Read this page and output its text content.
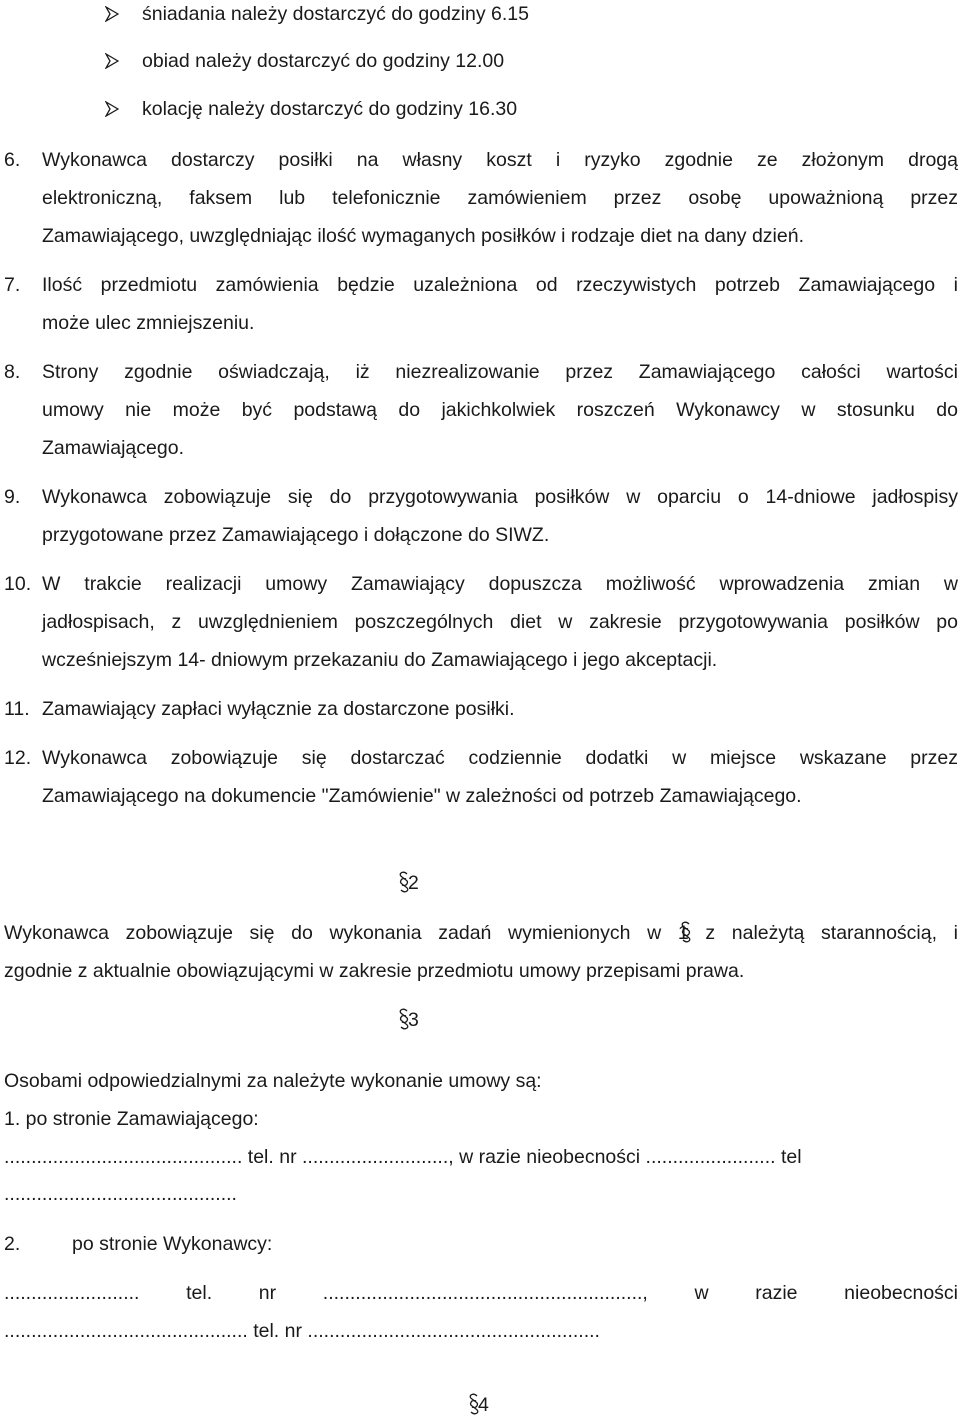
śniadania należy dostarczyć do godziny 6.15
obiad należy dostarczyć do godziny 12.00
kolację należy dostarczyć do godziny 16.30
6. Wykonawca dostarczy posiłki na własny koszt i ryzyko zgodnie ze złożonym drogą
elektroniczną, faksem lub telefonicznie zamówieniem przez osobę upoważnioną przez
Zamawiającego, uwzględniając ilość wymaganych posiłków i rodzaje diet na dany dzień.
7. Ilość przedmiotu zamówienia będzie uzależniona od rzeczywistych potrzeb Zamawiającego i
może ulec zmniejszeniu.
8. Strony zgodnie oświadczają, iż niezrealizowanie przez Zamawiającego całości wartości
umowy nie może być podstawą do jakichkolwiek roszczeń Wykonawcy w stosunku do
Zamawiającego.
9. Wykonawca zobowiązuje się do przygotowywania posiłków w oparciu o 14-dniowe jadłospisy
przygotowane przez Zamawiającego i dołączone do SIWZ.
10. W trakcie realizacji umowy Zamawiający dopuszcza możliwość wprowadzenia zmian w
jadłospisach, z uwzględnieniem poszczególnych diet w zakresie przygotowywania posiłków po
wcześniejszym 14- dniowym przekazaniu do Zamawiającego i jego akceptacji.
11. Zamawiający zapłaci wyłącznie za dostarczone posiłki.
12. Wykonawca zobowiązuje się dostarczać codziennie dodatki w miejsce wskazane przez
Zamawiającego na dokumencie "Zamówienie" w zależności od potrzeb Zamawiającego.
2
Wykonawca zobowiązuje się do wykonania zadań wymienionych w 1 z należytą starannością, i
zgodnie z aktualnie obowiązującymi w zakresie przedmiotu umowy przepisami prawa.
3
Osobami odpowiedzialnymi za należyte wykonanie umowy są:
1. po stronie Zamawiającego:
............................................ tel. nr ..........................., w razie nieobecności ........................ tel
...........................................
2.	po stronie Wykonawcy:
......................... tel. nr ..........................................................., w razie nieobecności
............................................. tel. nr ......................................................
4
